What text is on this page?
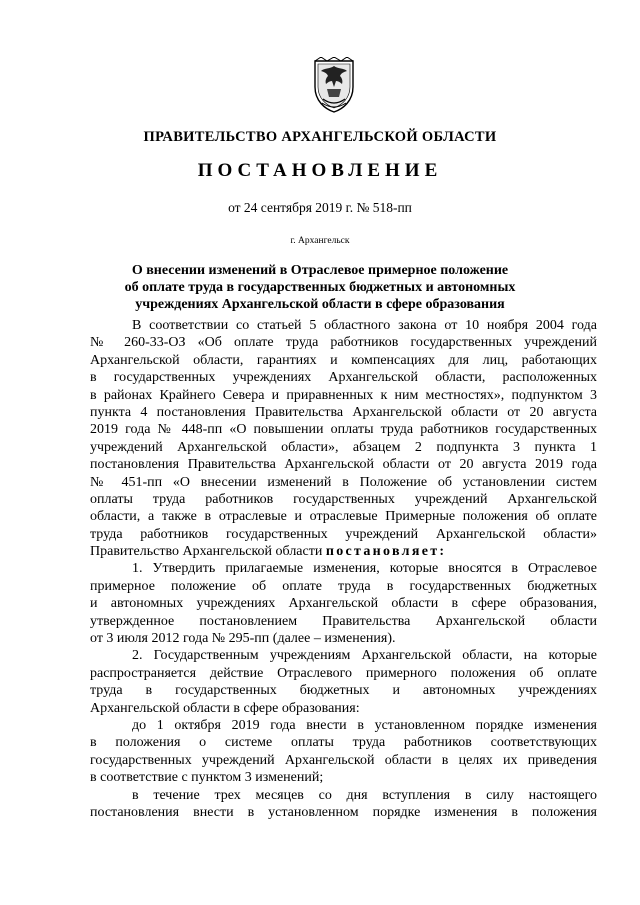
ПРАВИТЕЛЬСТВО АРХАНГЕЛЬСКОЙ ОБЛАСТИ
ПОСТАНОВЛЕНИЕ
от 24 сентября 2019 г. № 518-пп
г. Архангельск
О внесении изменений в Отраслевое примерное положение
об оплате труда в государственных бюджетных и автономных
учреждениях Архангельской области в сфере образования
В соответствии со статьей 5 областного закона от 10 ноября 2004 года
№ 260-33-ОЗ «Об оплате труда работников государственных учреждений
Архангельской области, гарантиях и компенсациях для лиц, работающих
в государственных учреждениях Архангельской области, расположенных
в районах Крайнего Севера и приравненных к ним местностях», подпунктом 3
пункта 4 постановления Правительства Архангельской области от 20 августа
2019 года № 448-пп «О повышении оплаты труда работников государственных
учреждений Архангельской области», абзацем 2 подпункта 3 пункта 1
постановления Правительства Архангельской области от 20 августа 2019 года
№ 451-пп «О внесении изменений в Положение об установлении систем
оплаты труда работников государственных учреждений Архангельской
области, а также в отраслевые и отраслевые Примерные положения об оплате
труда работников государственных учреждений Архангельской области»
Правительство Архангельской области постановляет:
1. Утвердить прилагаемые изменения, которые вносятся в Отраслевое
примерное положение об оплате труда в государственных бюджетных
и автономных учреждениях Архангельской области в сфере образования,
утвержденное постановлением Правительства Архангельской области
от 3 июля 2012 года № 295-пп (далее – изменения).
2. Государственным учреждениям Архангельской области, на которые
распространяется действие Отраслевого примерного положения об оплате
труда в государственных бюджетных и автономных учреждениях
Архангельской области в сфере образования:
до 1 октября 2019 года внести в установленном порядке изменения
в положения о системе оплаты труда работников соответствующих
государственных учреждений Архангельской области в целях их приведения
в соответствие с пунктом 3 изменений;
в течение трех месяцев со дня вступления в силу настоящего
постановления внести в установленном порядке изменения в положения
